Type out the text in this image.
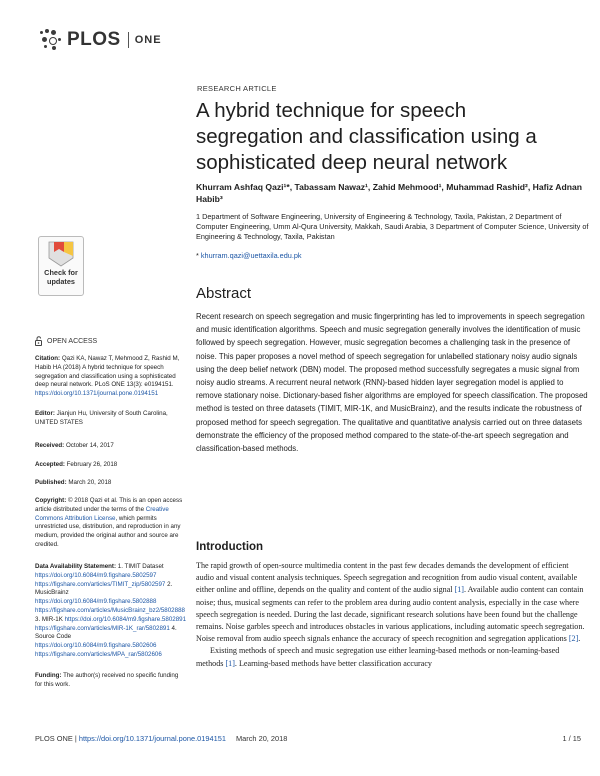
PLOS ONE
RESEARCH ARTICLE
A hybrid technique for speech segregation and classification using a sophisticated deep neural network
Khurram Ashfaq Qazi¹*, Tabassam Nawaz¹, Zahid Mehmood¹, Muhammad Rashid², Hafiz Adnan Habib³
1 Department of Software Engineering, University of Engineering & Technology, Taxila, Pakistan, 2 Department of Computer Engineering, Umm Al-Qura University, Makkah, Saudi Arabia, 3 Department of Computer Science, University of Engineering & Technology, Taxila, Pakistan
* khurram.qazi@uettaxila.edu.pk
Check for
updates
Abstract
Recent research on speech segregation and music fingerprinting has led to improvements in speech segregation and music identification algorithms. Speech and music segregation generally involves the identification of music followed by speech segregation. However, music segregation becomes a challenging task in the presence of noise. This paper proposes a novel method of speech segregation for unlabelled stationary noisy audio signals using the deep belief network (DBN) model. The proposed method successfully segregates a music signal from noisy audio streams. A recurrent neural network (RNN)-based hidden layer segregation model is applied to remove stationary noise. Dictionary-based fisher algorithms are employed for speech classification. The proposed method is tested on three datasets (TIMIT, MIR-1K, and MusicBrainz), and the results indicate the robustness of proposed method for speech segregation. The qualitative and quantitative analysis carried out on three datasets demonstrate the efficiency of the proposed method compared to the state-of-the-art speech segregation and classification-based methods.
OPEN ACCESS
Citation: Qazi KA, Nawaz T, Mehmood Z, Rashid M, Habib HA (2018) A hybrid technique for speech segregation and classification using a sophisticated deep neural network. PLoS ONE 13(3): e0194151. https://doi.org/10.1371/journal.pone.0194151
Editor: Jianjun Hu, University of South Carolina, UNITED STATES
Received: October 14, 2017
Accepted: February 26, 2018
Published: March 20, 2018
Copyright: © 2018 Qazi et al. This is an open access article distributed under the terms of the Creative Commons Attribution License, which permits unrestricted use, distribution, and reproduction in any medium, provided the original author and source are credited.
Data Availability Statement: 1. TIMIT Dataset https://doi.org/10.6084/m9.figshare.5802597 https://figshare.com/articles/TIMIT_zip/5802597 2. MusicBrainz https://doi.org/10.6084/m9.figshare.5802888 https://figshare.com/articles/MusicBrainz_bz2/5802888 3. MIR-1K https://doi.org/10.6084/m9.figshare.5802891 https://figshare.com/articles/MIR-1K_rar/5802891 4. Source Code https://doi.org/10.6084/m9.figshare.5802606 https://figshare.com/articles/MPA_rar/5802606
Funding: The author(s) received no specific funding for this work.
Introduction

The rapid growth of open-source multimedia content in the past few decades demands the development of efficient audio and visual content analysis techniques. Speech segregation and recognition from audio visual content, available either online and offline, depends on the quality and content of the audio signal [1]. Available audio content can contain noise; thus, musical segments can refer to the problem area during audio content analysis, especially in the case where speech segregation is needed. During the last decade, significant research solutions have been found but the challenge remains. Noise garbles speech and introduces obstacles in various applications, including automatic speech segregation. Noise removal from audio speech signals enhance the accuracy of speech recognition and segregation applications [2].

Existing methods of speech and music segregation use either learning-based methods or non-learning-based methods [1]. Learning-based methods have better classification accuracy

PLOS ONE | https://doi.org/10.1371/journal.pone.0194151 March 20, 2018	1 / 15
